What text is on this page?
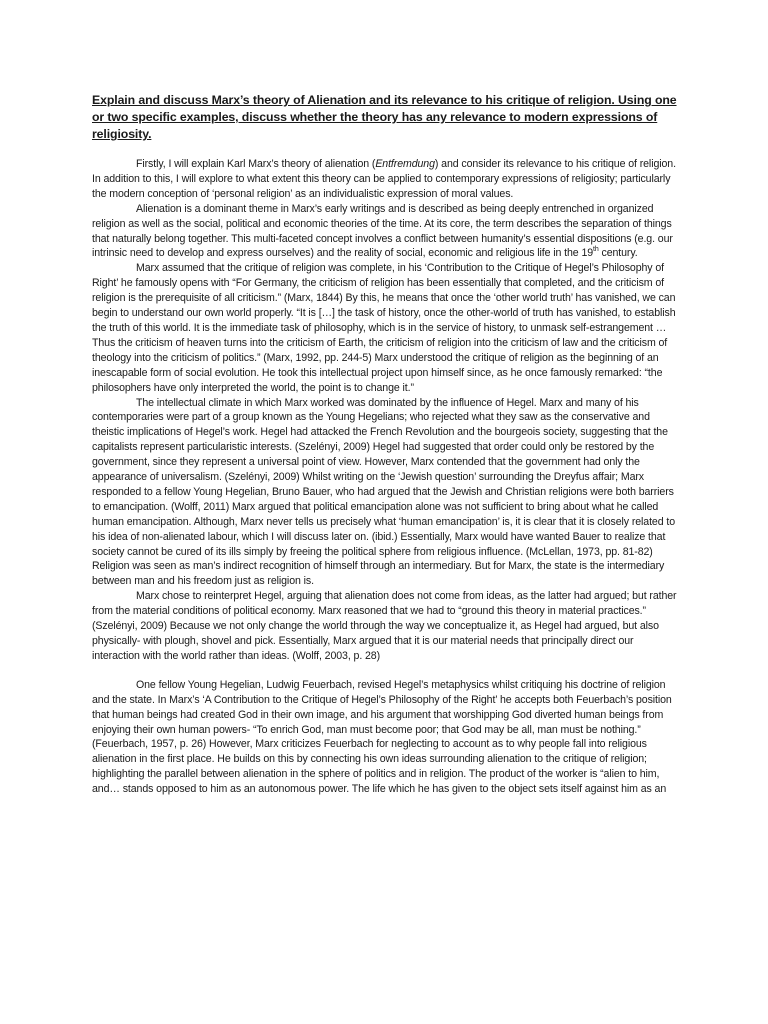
Explain and discuss Marx’s theory of Alienation and its relevance to his critique of religion. Using one or two specific examples, discuss whether the theory has any relevance to modern expressions of religiosity.

Firstly, I will explain Karl Marx’s theory of alienation (Entfremdung) and consider its relevance to his critique of religion. In addition to this, I will explore to what extent this theory can be applied to contemporary expressions of religiosity; particularly the modern conception of ‘personal religion’ as an individualistic expression of moral values.

Alienation is a dominant theme in Marx’s early writings and is described as being deeply entrenched in organized religion as well as the social, political and economic theories of the time. At its core, the term describes the separation of things that naturally belong together. This multi-faceted concept involves a conflict between humanity’s essential dispositions (e.g. our intrinsic need to develop and express ourselves) and the reality of social, economic and religious life in the 19th century.

Marx assumed that the critique of religion was complete, in his ‘Contribution to the Critique of Hegel’s Philosophy of Right’ he famously opens with “For Germany, the criticism of religion has been essentially that completed, and the criticism of religion is the prerequisite of all criticism.” (Marx, 1844) By this, he means that once the ‘other world truth’ has vanished, we can begin to understand our own world properly. “It is […] the task of history, once the other-world of truth has vanished, to establish the truth of this world. It is the immediate task of philosophy, which is in the service of history, to unmask self-estrangement … Thus the criticism of heaven turns into the criticism of Earth, the criticism of religion into the criticism of law and the criticism of theology into the criticism of politics.” (Marx, 1992, pp. 244-5) Marx understood the critique of religion as the beginning of an inescapable form of social evolution. He took this intellectual project upon himself since, as he once famously remarked: “the philosophers have only interpreted the world, the point is to change it.”

The intellectual climate in which Marx worked was dominated by the influence of Hegel. Marx and many of his contemporaries were part of a group known as the Young Hegelians; who rejected what they saw as the conservative and theistic implications of Hegel’s work. Hegel had attacked the French Revolution and the bourgeois society, suggesting that the capitalists represent particularistic interests. (Szelényi, 2009) Hegel had suggested that order could only be restored by the government, since they represent a universal point of view. However, Marx contended that the government had only the appearance of universalism. (Szelényi, 2009) Whilst writing on the ‘Jewish question’ surrounding the Dreyfus affair; Marx responded to a fellow Young Hegelian, Bruno Bauer, who had argued that the Jewish and Christian religions were both barriers to emancipation. (Wolff, 2011) Marx argued that political emancipation alone was not sufficient to bring about what he called human emancipation. Although, Marx never tells us precisely what ‘human emancipation’ is, it is clear that it is closely related to his idea of non-alienated labour, which I will discuss later on. (ibid.) Essentially, Marx would have wanted Bauer to realize that society cannot be cured of its ills simply by freeing the political sphere from religious influence. (McLellan, 1973, pp. 81-82) Religion was seen as man’s indirect recognition of himself through an intermediary. But for Marx, the state is the intermediary between man and his freedom just as religion is.

Marx chose to reinterpret Hegel, arguing that alienation does not come from ideas, as the latter had argued; but rather from the material conditions of political economy. Marx reasoned that we had to “ground this theory in material practices.” (Szelényi, 2009) Because we not only change the world through the way we conceptualize it, as Hegel had argued, but also physically- with plough, shovel and pick. Essentially, Marx argued that it is our material needs that principally direct our interaction with the world rather than ideas. (Wolff, 2003, p. 28)

One fellow Young Hegelian, Ludwig Feuerbach, revised Hegel’s metaphysics whilst critiquing his doctrine of religion and the state. In Marx’s ‘A Contribution to the Critique of Hegel’s Philosophy of the Right’ he accepts both Feuerbach’s position that human beings had created God in their own image, and his argument that worshipping God diverted human beings from enjoying their own human powers- “To enrich God, man must become poor; that God may be all, man must be nothing.” (Feuerbach, 1957, p. 26) However, Marx criticizes Feuerbach for neglecting to account as to why people fall into religious alienation in the first place. He builds on this by connecting his own ideas surrounding alienation to the critique of religion; highlighting the parallel between alienation in the sphere of politics and in religion. The product of the worker is “alien to him, and… stands opposed to him as an autonomous power. The life which he has given to the object sets itself against him as an
